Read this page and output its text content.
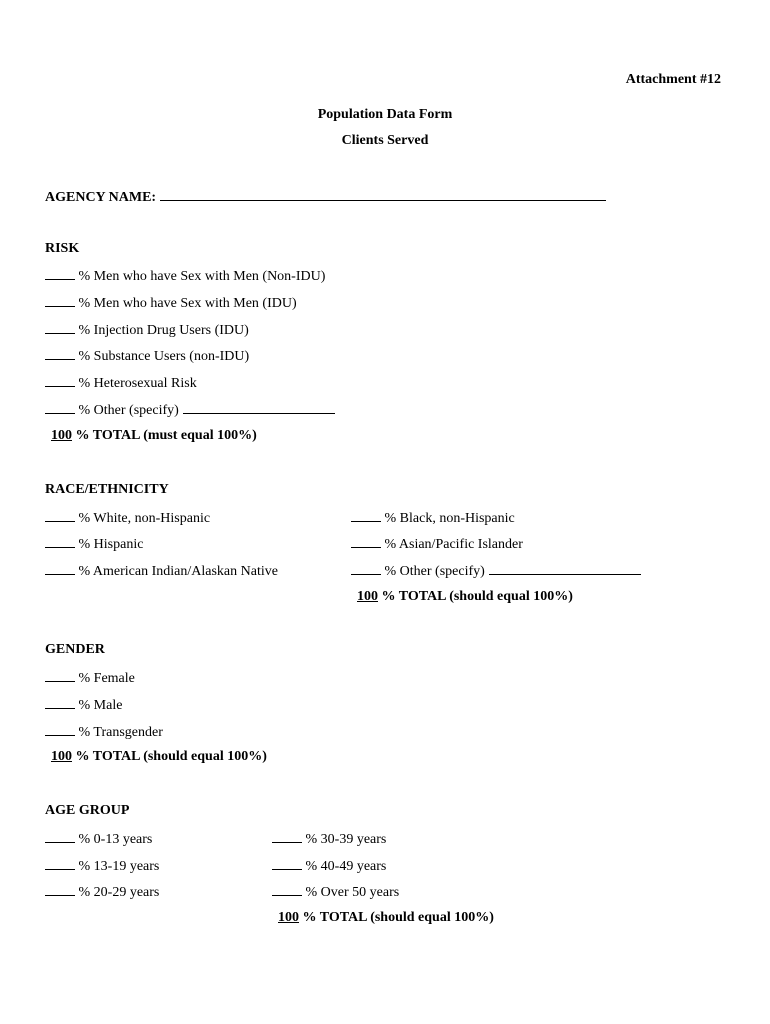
Attachment #12
Population Data Form
Clients Served
AGENCY NAME:
RISK
% Men who have Sex with Men (Non-IDU)
% Men who have Sex with Men (IDU)
% Injection Drug Users (IDU)
% Substance Users (non-IDU)
% Heterosexual Risk
% Other (specify)
100 % TOTAL (must equal 100%)
RACE/ETHNICITY
% White, non-Hispanic
% Hispanic
% American Indian/Alaskan Native
% Black, non-Hispanic
% Asian/Pacific Islander
% Other (specify)
100 % TOTAL (should equal 100%)
GENDER
% Female
% Male
% Transgender
100 % TOTAL (should equal 100%)
AGE GROUP
% 0-13 years
% 13-19 years
% 20-29 years
% 30-39 years
% 40-49 years
% Over 50 years
100 % TOTAL (should equal 100%)
